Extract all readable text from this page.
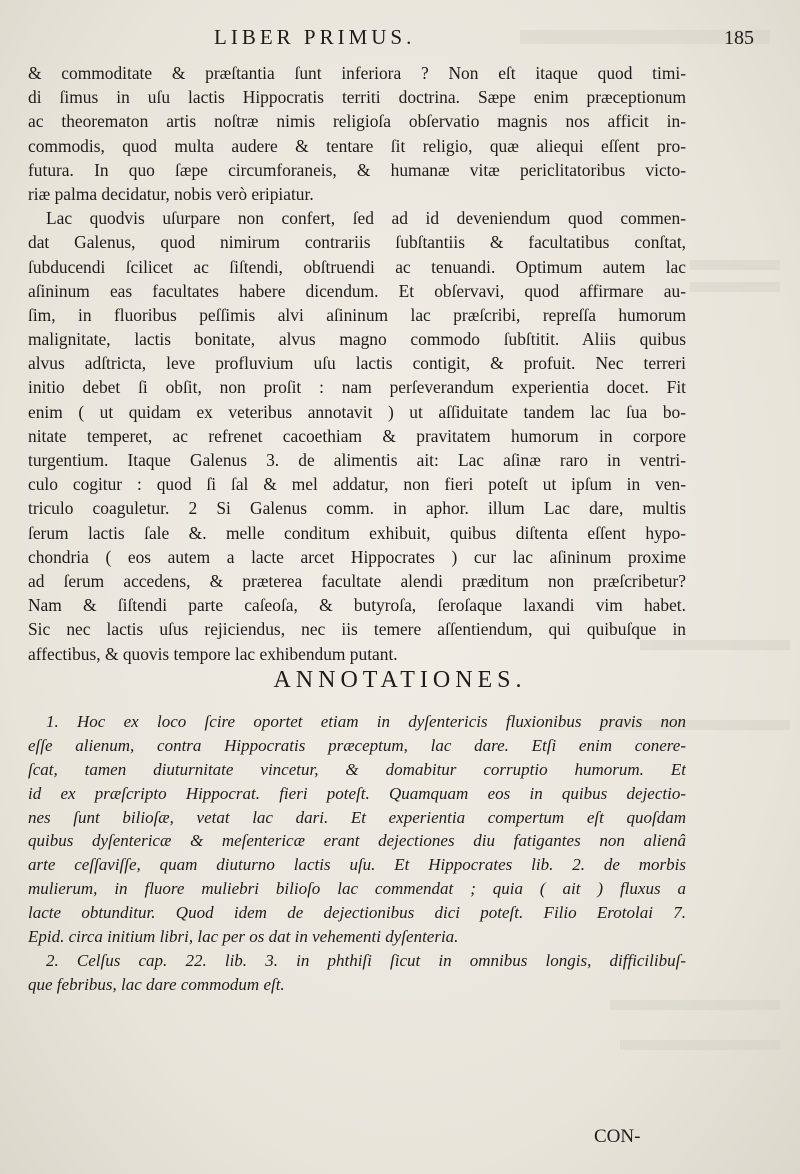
LIBER PRIMUS.	185
& commoditate & præſtantia ſunt inferiora ? Non eſt itaque quod timi-
di ſimus in uſu lactis Hippocratis territi doctrina. Sæpe enim præceptionum
ac theorematon artis noſtræ nimis religioſa obſervatio magnis nos afficit in-
commodis, quod multa audere & tentare ſit religio, quæ aliequi eſſent pro-
futura. In quo ſæpe circumforaneis, & humanæ vitæ periclitatoribus victo-
riæ palma decidatur, nobis verò eripiatur.
Lac quodvis uſurpare non confert, ſed ad id deveniendum quod commen-
dat Galenus, quod nimirum contrariis ſubſtantiis & facultatibus conſtat,
ſubducendi ſcilicet ac ſiſtendi, obſtruendi ac tenuandi. Optimum autem lac
aſininum eas facultates habere dicendum. Et obſervavi, quod affirmare au-
ſim, in fluoribus peſſimis alvi aſininum lac præſcribi, repreſſa humorum
malignitate, lactis bonitate, alvus magno commodo ſubſtitit. Aliis quibus
alvus adſtricta, leve profluvium uſu lactis contigit, & profuit. Nec terreri
initio debet ſi obſit, non proſit : nam perſeverandum experientia docet. Fit
enim ( ut quidam ex veteribus annotavit ) ut aſſiduitate tandem lac ſua bo-
nitate temperet, ac refrenet cacoethiam & pravitatem humorum in corpore
turgentium. Itaque Galenus 3. de alimentis ait: Lac aſinæ raro in ventri-
culo cogitur : quod ſi ſal & mel addatur, non fieri poteſt ut ipſum in ven-
triculo coaguletur. 2 Si Galenus comm. in aphor. illum Lac dare, multis
ſerum lactis ſale &. melle conditum exhibuit, quibus diſtenta eſſent hypo-
chondria ( eos autem a lacte arcet Hippocrates ) cur lac aſininum proxime
ad ſerum accedens, & præterea facultate alendi præditum non præſcribetur?
Nam & ſiſtendi parte caſeoſa, & butyroſa, ſeroſaque laxandi vim habet.
Sic nec lactis uſus rejiciendus, nec iis temere aſſentiendum, qui quibuſque in
affectibus, & quovis tempore lac exhibendum putant.
ANNOTATIONES.
1. Hoc ex loco ſcire oportet etiam in dyſentericis fluxionibus pravis non
eſſe alienum, contra Hippocratis præceptum, lac dare. Etſi enim conere-
ſcat, tamen diuturnitate vincetur, & domabitur corruptio humorum. Et
id ex præſcripto Hippocrat. fieri poteſt. Quamquam eos in quibus dejectio-
nes ſunt bilioſæ, vetat lac dari. Et experientia compertum eſt quoſdam
quibus dyſentericæ & meſentericæ erant dejectiones diu fatigantes non alienâ
arte ceſſaviſſe, quam diuturno lactis uſu. Et Hippocrates lib. 2. de morbis
mulierum, in fluore muliebri bilioſo lac commendat ; quia ( ait ) fluxus a
lacte obtunditur. Quod idem de dejectionibus dici poteſt. Filio Erotolai 7.
Epid. circa initium libri, lac per os dat in vehementi dyſenteria.
2. Celſus cap. 22. lib. 3. in phthiſi ſicut in omnibus longis, difficilibuſ-
que febribus, lac dare commodum eſt.
CON-
